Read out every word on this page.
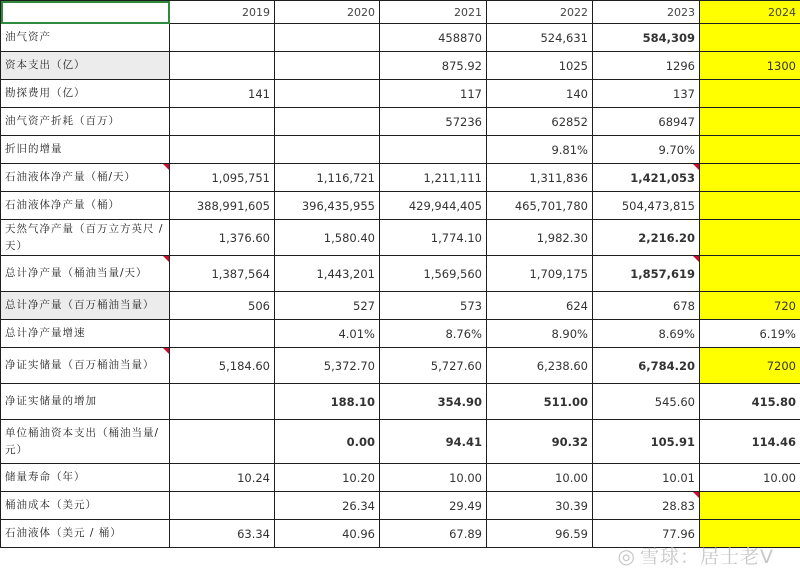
	2019	2020	2021	2022	2023	2024
油气资产			458870	524,631	584,309	
资本支出（亿）			875.92	1025	1296	1300
勘探费用（亿）	141		117	140	137	
油气资产折耗（百万）			57236	62852	68947	
折旧的增量				9.81%	9.70%	
石油液体净产量（桶/天）	1,095,751	1,116,721	1,211,111	1,311,836	1,421,053

石油液体净产量（桶）	388,991,605	396,435,955	429,944,405	465,701,780	504,473,815	
天然气净产量（百万立方英尺 / 天）	1,376.60	1,580.40	1,774.10	1,982.30	2,216.20	
总计净产量（桶油当量/天）	1,387,564	1,443,201	1,569,560	1,709,175	1,857,619

总计净产量（百万桶油当量）	506	527	573	624	678	720
总计净产量增速		4.01%	8.76%	8.90%	8.69%	6.19%
净证实储量（百万桶油当量）	5,184.60	5,372.70	5,727.60	6,238.60	6,784.20	7200
净证实储量的增加		188.10	354.90	511.00	545.60	415.80
单位桶油资本支出（桶油当量/元）		0.00	94.41	90.32	105.91	114.46
储量寿命（年）	10.24	10.20	10.00	10.00	10.01	10.00
桶油成本（美元）		26.34	29.49	30.39	28.83

石油液体（美元 / 桶）	63.34	40.96	67.89	96.59	77.96	
◎ 雪球：居士老V
